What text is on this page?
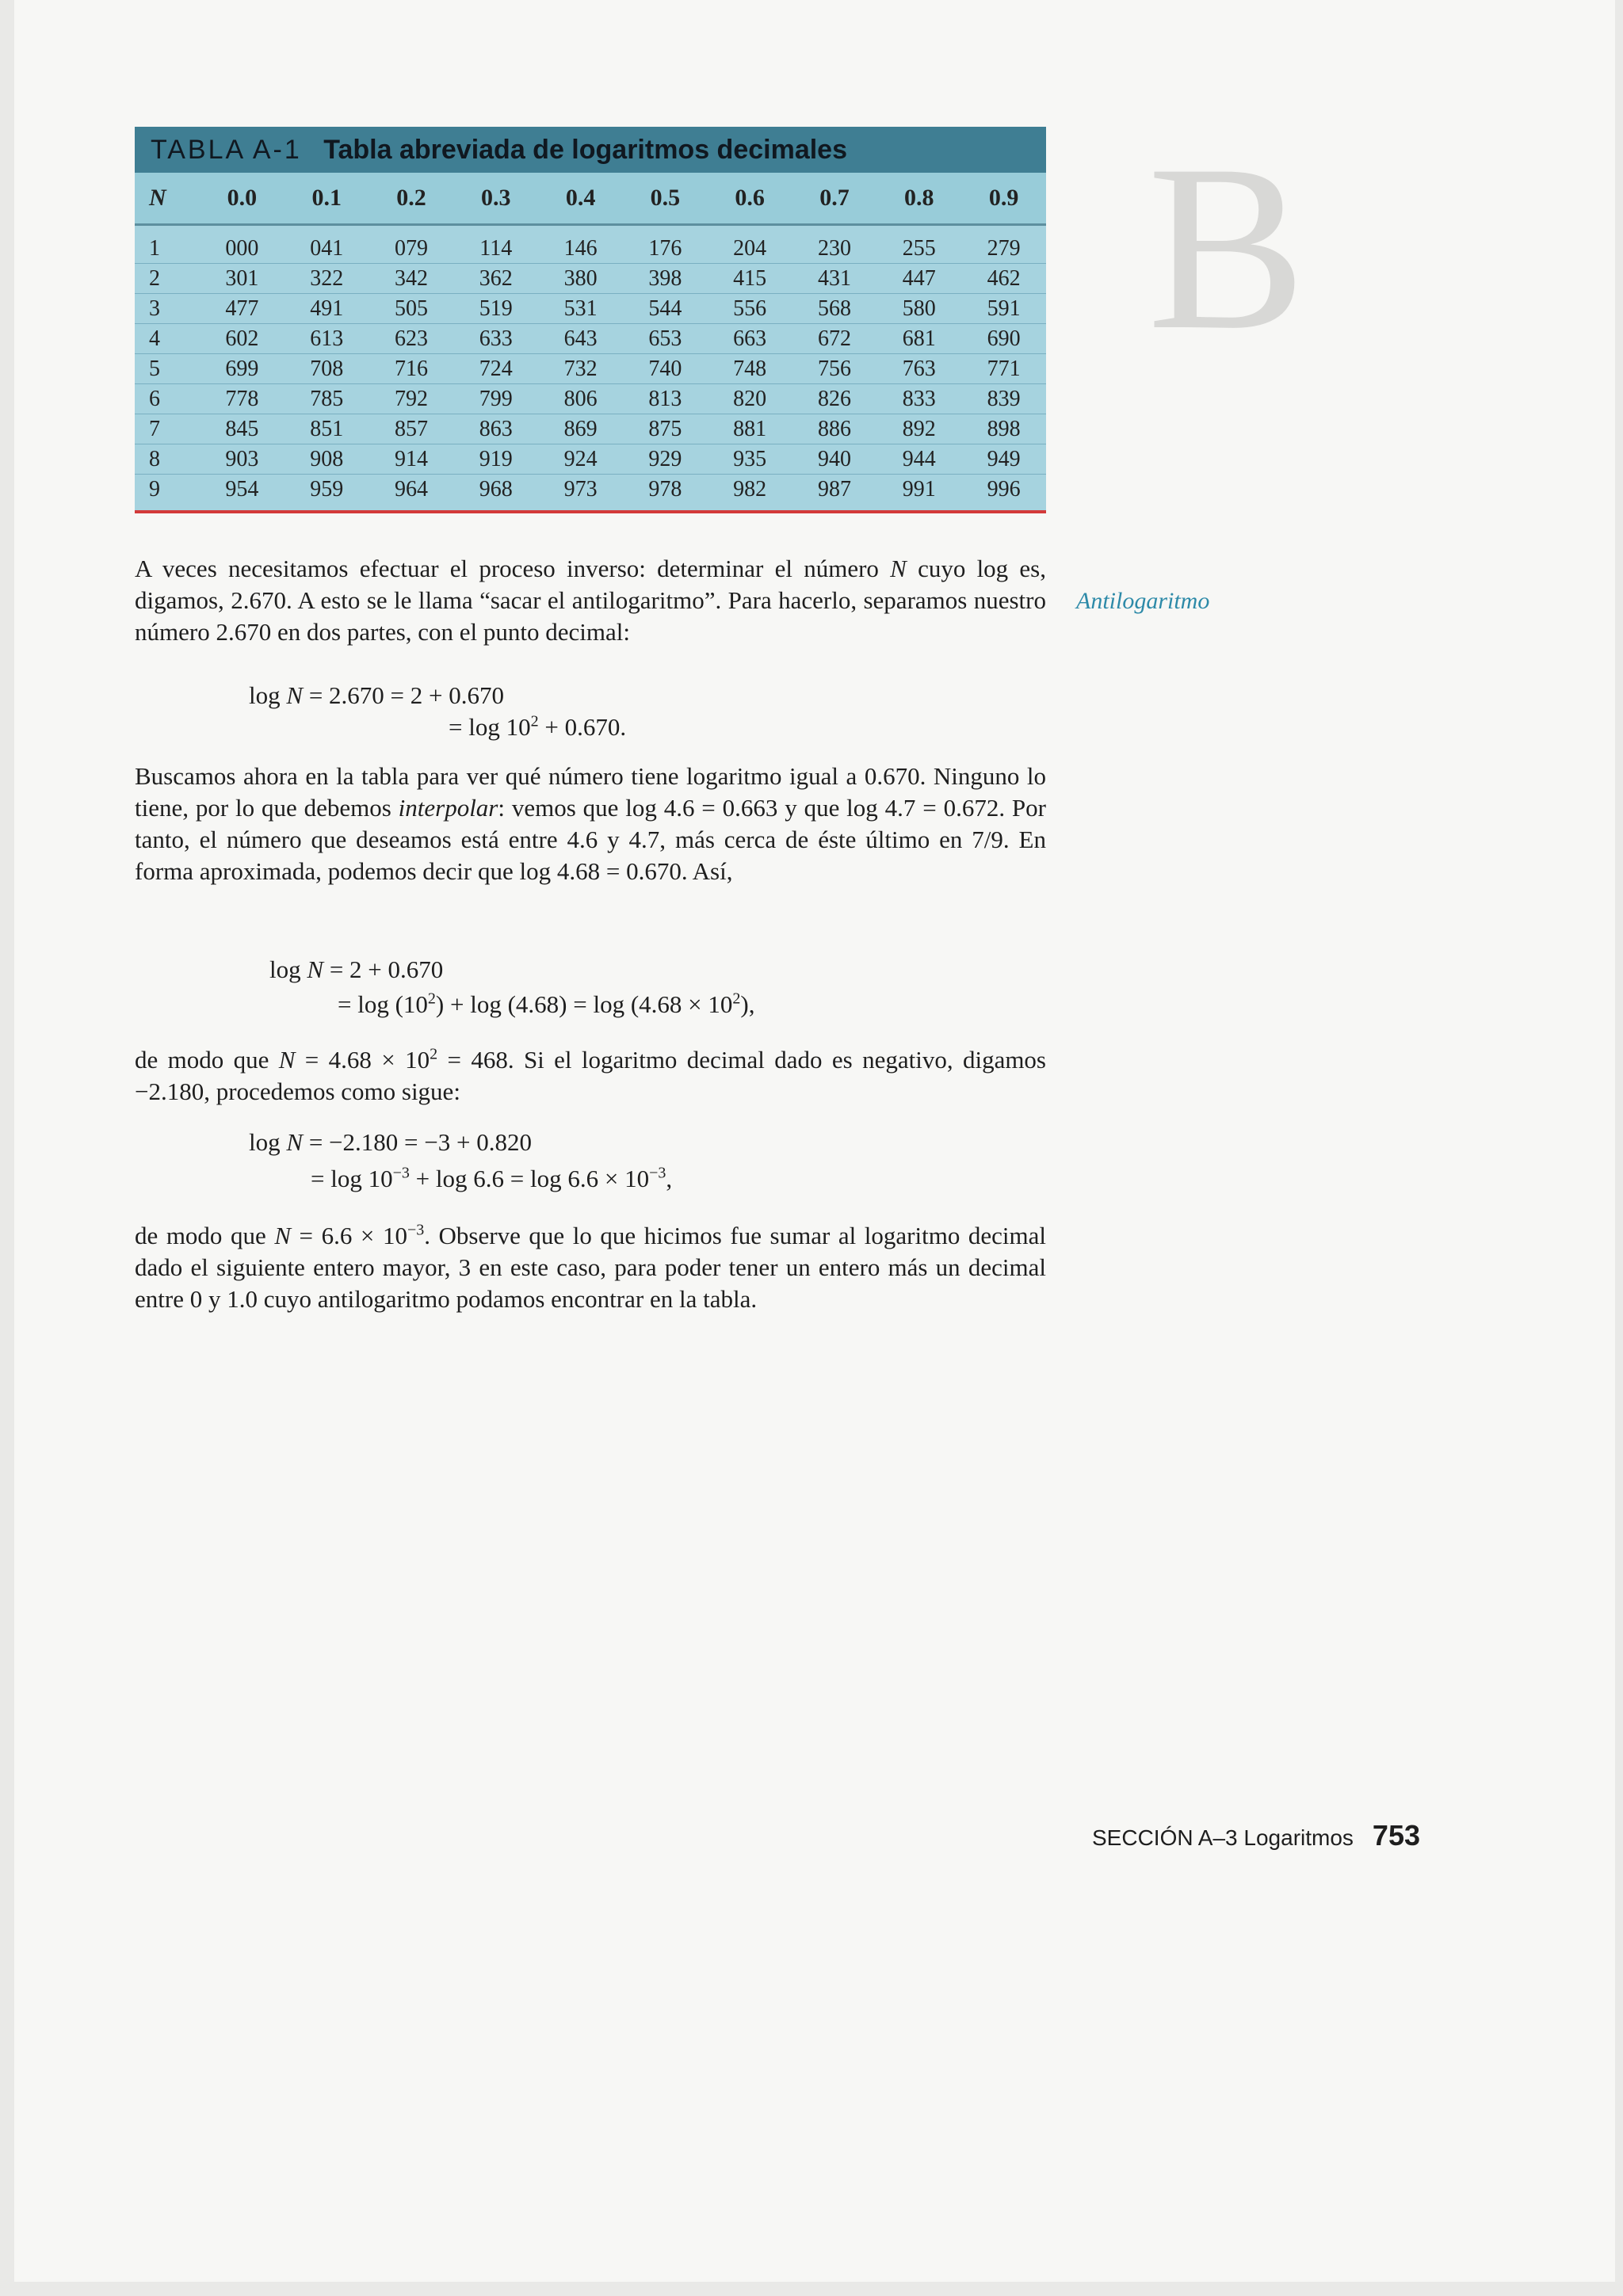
B
TABLA A-1 Tabla abreviada de logaritmos decimales
N	0.0	0.1	0.2	0.3	0.4	0.5	0.6	0.7	0.8	0.9
1	000	041	079	114	146	176	204	230	255	279
2	301	322	342	362	380	398	415	431	447	462
3	477	491	505	519	531	544	556	568	580	591
4	602	613	623	633	643	653	663	672	681	690
5	699	708	716	724	732	740	748	756	763	771
6	778	785	792	799	806	813	820	826	833	839
7	845	851	857	863	869	875	881	886	892	898
8	903	908	914	919	924	929	935	940	944	949
9	954	959	964	968	973	978	982	987	991	996
Antilogaritmo

A veces necesitamos efectuar el proceso inverso: determinar el número N cuyo log es, digamos, 2.670. A esto se le llama “sacar el antilogaritmo”. Para hacerlo, separamos nuestro número 2.670 en dos partes, con el punto decimal:

log N = 2.670 = 2 + 0.670
= $\log 10^2 + 0.670$.

Buscamos ahora en la tabla para ver qué número tiene logaritmo igual a 0.670. Ninguno lo tiene, por lo que debemos interpolar: vemos que log 4.6 = 0.663 y que log 4.7 = 0.672. Por tanto, el número que deseamos está entre 4.6 y 4.7, más cerca de éste último en 7/9. En forma aproximada, podemos decir que log 4.68 = 0.670. Así,

log N = 2 + 0.670
= $\log (10^2) + \log (4.68) = \log (4.68 \times 10^2)$,

de modo que $N = 4.68 \times 10^2 = 468$. Si el logaritmo decimal dado es negativo, digamos −2.180, procedemos como sigue:

log N = −2.180 = −3 + 0.820
= $\log 10^{-3} + \log 6.6 = \log 6.6 \times 10^{-3}$,

de modo que $N = 6.6 \times 10^{-3}$. Observe que lo que hicimos fue sumar al logaritmo decimal dado el siguiente entero mayor, 3 en este caso, para poder tener un entero más un decimal entre 0 y 1.0 cuyo antilogaritmo podamos encontrar en la tabla.

SECCIÓN A–3 Logaritmos 753
